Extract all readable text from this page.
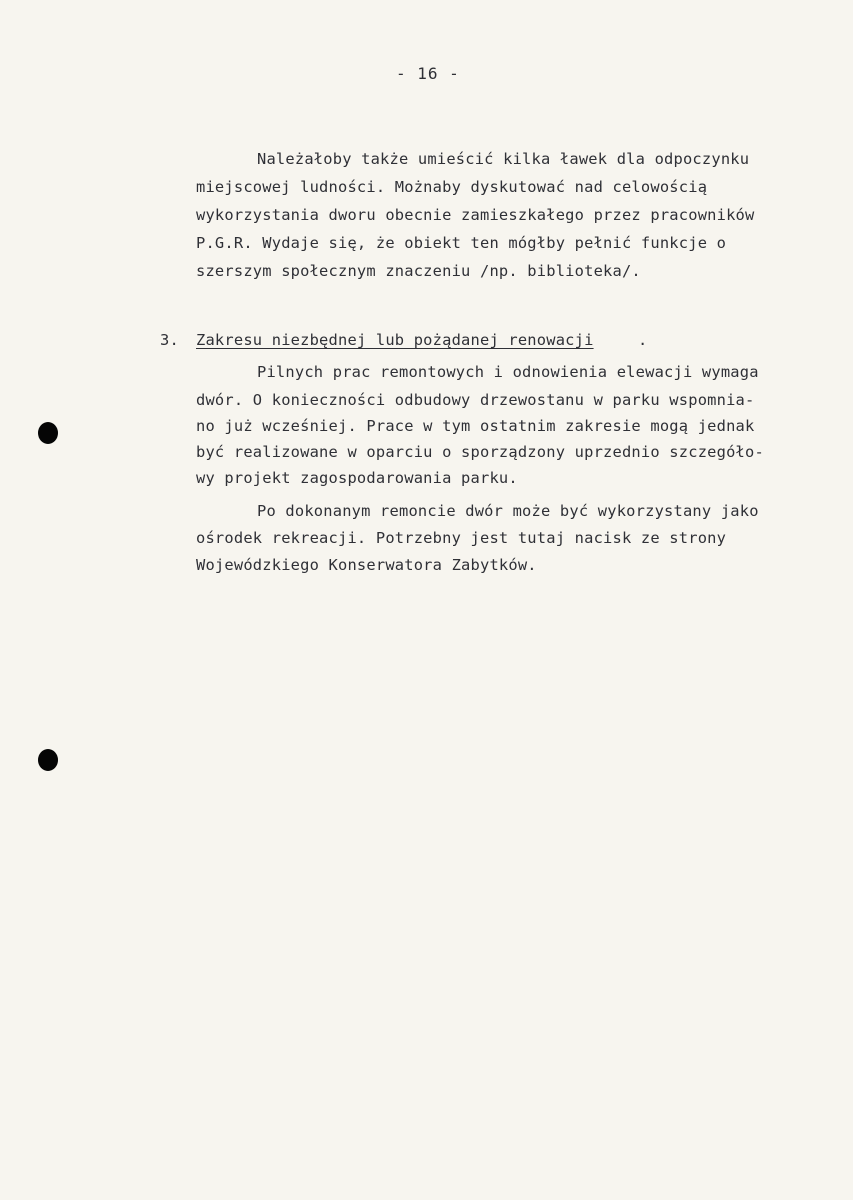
- 16 -
Należałoby także umieścić kilka ławek dla odpoczynku
miejscowej ludności. Możnaby dyskutować nad celowością
wykorzystania dworu obecnie zamieszkałego przez pracowników
P.G.R. Wydaje się, że obiekt ten mógłby pełnić funkcje o
szerszym społecznym znaczeniu /np. biblioteka/.
3. Zakresu niezbędnej lub pożądanej renowacji	.
Pilnych prac remontowych i odnowienia elewacji wymaga
dwór. O konieczności odbudowy drzewostanu w parku wspomnia-
no już wcześniej. Prace w tym ostatnim zakresie mogą jednak
być realizowane w oparciu o sporządzony uprzednio szczegóło-
wy projekt zagospodarowania parku.
Po dokonanym remoncie dwór może być wykorzystany jako
ośrodek rekreacji. Potrzebny jest tutaj nacisk ze strony
Wojewódzkiego Konserwatora Zabytków.
